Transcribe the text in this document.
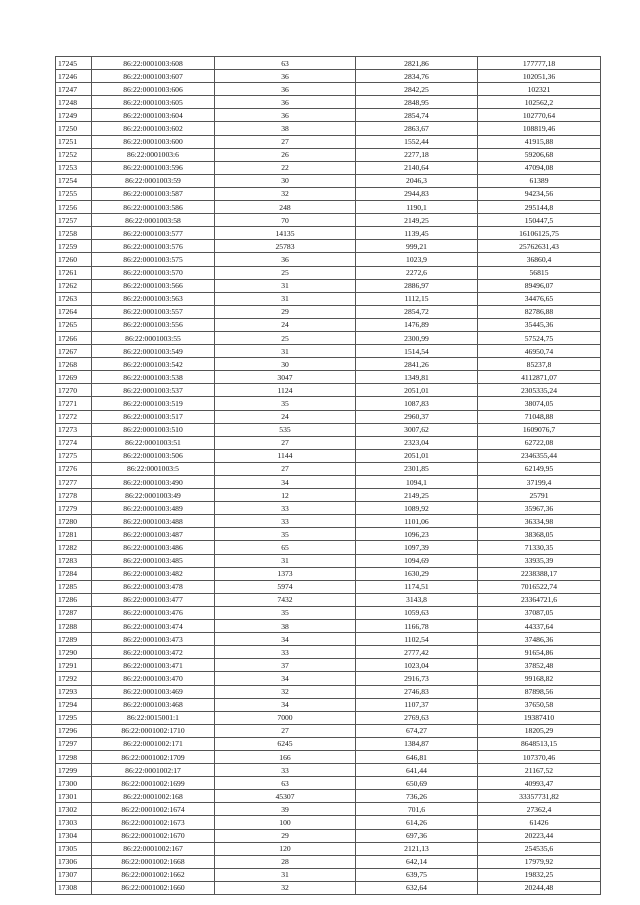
17245	86:22:0001003:608	63	2821,86	177777,18
17246	86:22:0001003:607	36	2834,76	102051,36
17247	86:22:0001003:606	36	2842,25	102321
17248	86:22:0001003:605	36	2848,95	102562,2
17249	86:22:0001003:604	36	2854,74	102770,64
17250	86:22:0001003:602	38	2863,67	108819,46
17251	86:22:0001003:600	27	1552,44	41915,88
17252	86:22:0001003:6	26	2277,18	59206,68
17253	86:22:0001003:596	22	2140,64	47094,08
17254	86:22:0001003:59	30	2046,3	61389
17255	86:22:0001003:587	32	2944,83	94234,56
17256	86:22:0001003:586	248	1190,1	295144,8
17257	86:22:0001003:58	70	2149,25	150447,5
17258	86:22:0001003:577	14135	1139,45	16106125,75
17259	86:22:0001003:576	25783	999,21	25762631,43
17260	86:22:0001003:575	36	1023,9	36860,4
17261	86:22:0001003:570	25	2272,6	56815
17262	86:22:0001003:566	31	2886,97	89496,07
17263	86:22:0001003:563	31	1112,15	34476,65
17264	86:22:0001003:557	29	2854,72	82786,88
17265	86:22:0001003:556	24	1476,89	35445,36
17266	86:22:0001003:55	25	2300,99	57524,75
17267	86:22:0001003:549	31	1514,54	46950,74
17268	86:22:0001003:542	30	2841,26	85237,8
17269	86:22:0001003:538	3047	1349,81	4112871,07
17270	86:22:0001003:537	1124	2051,01	2305335,24
17271	86:22:0001003:519	35	1087,83	38074,05
17272	86:22:0001003:517	24	2960,37	71048,88
17273	86:22:0001003:510	535	3007,62	1609076,7
17274	86:22:0001003:51	27	2323,04	62722,08
17275	86:22:0001003:506	1144	2051,01	2346355,44
17276	86:22:0001003:5	27	2301,85	62149,95
17277	86:22:0001003:490	34	1094,1	37199,4
17278	86:22:0001003:49	12	2149,25	25791
17279	86:22:0001003:489	33	1089,92	35967,36
17280	86:22:0001003:488	33	1101,06	36334,98
17281	86:22:0001003:487	35	1096,23	38368,05
17282	86:22:0001003:486	65	1097,39	71330,35
17283	86:22:0001003:485	31	1094,69	33935,39
17284	86:22:0001003:482	1373	1630,29	2238388,17
17285	86:22:0001003:478	5974	1174,51	7016522,74
17286	86:22:0001003:477	7432	3143,8	23364721,6
17287	86:22:0001003:476	35	1059,63	37087,05
17288	86:22:0001003:474	38	1166,78	44337,64
17289	86:22:0001003:473	34	1102,54	37486,36
17290	86:22:0001003:472	33	2777,42	91654,86
17291	86:22:0001003:471	37	1023,04	37852,48
17292	86:22:0001003:470	34	2916,73	99168,82
17293	86:22:0001003:469	32	2746,83	87898,56
17294	86:22:0001003:468	34	1107,37	37650,58
17295	86:22:0015001:1	7000	2769,63	19387410
17296	86:22:0001002:1710	27	674,27	18205,29
17297	86:22:0001002:171	6245	1384,87	8648513,15
17298	86:22:0001002:1709	166	646,81	107370,46
17299	86:22:0001002:17	33	641,44	21167,52
17300	86:22:0001002:1699	63	650,69	40993,47
17301	86:22:0001002:168	45307	736,26	33357731,82
17302	86:22:0001002:1674	39	701,6	27362,4
17303	86:22:0001002:1673	100	614,26	61426
17304	86:22:0001002:1670	29	697,36	20223,44
17305	86:22:0001002:167	120	2121,13	254535,6
17306	86:22:0001002:1668	28	642,14	17979,92
17307	86:22:0001002:1662	31	639,75	19832,25
17308	86:22:0001002:1660	32	632,64	20244,48
